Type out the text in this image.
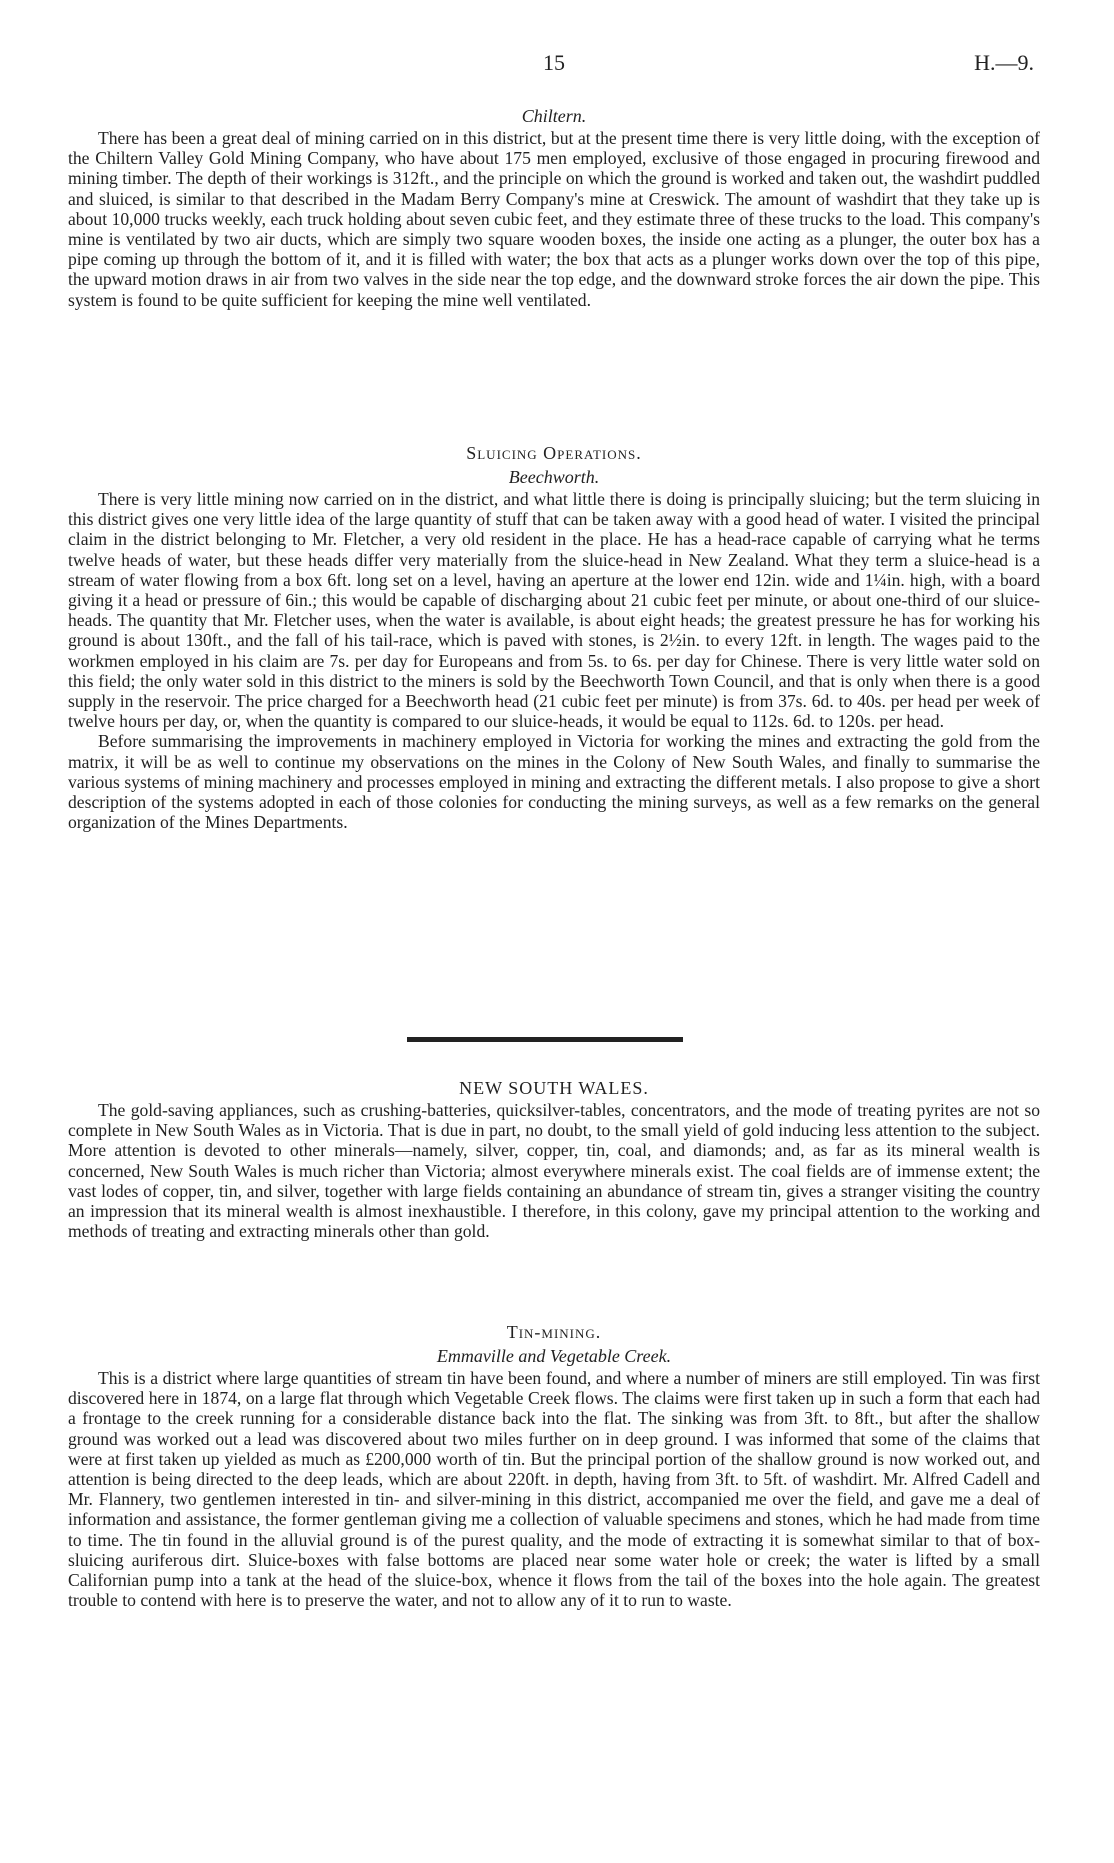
15	H.—9.
Chiltern.

There has been a great deal of mining carried on in this district, but at the present time there is very little doing, with the exception of the Chiltern Valley Gold Mining Company, who have about 175 men employed, exclusive of those engaged in procuring firewood and mining timber. The depth of their workings is 312ft., and the principle on which the ground is worked and taken out, the washdirt puddled and sluiced, is similar to that described in the Madam Berry Company's mine at Creswick. The amount of washdirt that they take up is about 10,000 trucks weekly, each truck holding about seven cubic feet, and they estimate three of these trucks to the load. This company's mine is ventilated by two air ducts, which are simply two square wooden boxes, the inside one acting as a plunger, the outer box has a pipe coming up through the bottom of it, and it is filled with water; the box that acts as a plunger works down over the top of this pipe, the upward motion draws in air from two valves in the side near the top edge, and the downward stroke forces the air down the pipe. This system is found to be quite sufficient for keeping the mine well ventilated.

Sluicing Operations.
Beechworth.

There is very little mining now carried on in the district, and what little there is doing is principally sluicing; but the term sluicing in this district gives one very little idea of the large quantity of stuff that can be taken away with a good head of water. I visited the principal claim in the district belonging to Mr. Fletcher, a very old resident in the place. He has a head-race capable of carrying what he terms twelve heads of water, but these heads differ very materially from the sluice-head in New Zealand. What they term a sluice-head is a stream of water flowing from a box 6ft. long set on a level, having an aperture at the lower end 12in. wide and 1¼in. high, with a board giving it a head or pressure of 6in.; this would be capable of discharging about 21 cubic feet per minute, or about one-third of our sluice-heads. The quantity that Mr. Fletcher uses, when the water is available, is about eight heads; the greatest pressure he has for working his ground is about 130ft., and the fall of his tail-race, which is paved with stones, is 2½in. to every 12ft. in length. The wages paid to the workmen employed in his claim are 7s. per day for Europeans and from 5s. to 6s. per day for Chinese. There is very little water sold on this field; the only water sold in this district to the miners is sold by the Beechworth Town Council, and that is only when there is a good supply in the reservoir. The price charged for a Beechworth head (21 cubic feet per minute) is from 37s. 6d. to 40s. per head per week of twelve hours per day, or, when the quantity is compared to our sluice-heads, it would be equal to 112s. 6d. to 120s. per head.

Before summarising the improvements in machinery employed in Victoria for working the mines and extracting the gold from the matrix, it will be as well to continue my observations on the mines in the Colony of New South Wales, and finally to summarise the various systems of mining machinery and processes employed in mining and extracting the different metals. I also propose to give a short description of the systems adopted in each of those colonies for conducting the mining surveys, as well as a few remarks on the general organization of the Mines Departments.

NEW SOUTH WALES.

The gold-saving appliances, such as crushing-batteries, quicksilver-tables, concentrators, and the mode of treating pyrites are not so complete in New South Wales as in Victoria. That is due in part, no doubt, to the small yield of gold inducing less attention to the subject. More attention is devoted to other minerals—namely, silver, copper, tin, coal, and diamonds; and, as far as its mineral wealth is concerned, New South Wales is much richer than Victoria; almost everywhere minerals exist. The coal fields are of immense extent; the vast lodes of copper, tin, and silver, together with large fields containing an abundance of stream tin, gives a stranger visiting the country an impression that its mineral wealth is almost inexhaustible. I therefore, in this colony, gave my principal attention to the working and methods of treating and extracting minerals other than gold.

Tin-mining.
Emmaville and Vegetable Creek.

This is a district where large quantities of stream tin have been found, and where a number of miners are still employed. Tin was first discovered here in 1874, on a large flat through which Vegetable Creek flows. The claims were first taken up in such a form that each had a frontage to the creek running for a considerable distance back into the flat. The sinking was from 3ft. to 8ft., but after the shallow ground was worked out a lead was discovered about two miles further on in deep ground. I was informed that some of the claims that were at first taken up yielded as much as £200,000 worth of tin. But the principal portion of the shallow ground is now worked out, and attention is being directed to the deep leads, which are about 220ft. in depth, having from 3ft. to 5ft. of washdirt. Mr. Alfred Cadell and Mr. Flannery, two gentlemen interested in tin- and silver-mining in this district, accompanied me over the field, and gave me a deal of information and assistance, the former gentleman giving me a collection of valuable specimens and stones, which he had made from time to time. The tin found in the alluvial ground is of the purest quality, and the mode of extracting it is somewhat similar to that of box-sluicing auriferous dirt. Sluice-boxes with false bottoms are placed near some water hole or creek; the water is lifted by a small Californian pump into a tank at the head of the sluice-box, whence it flows from the tail of the boxes into the hole again. The greatest trouble to contend with here is to preserve the water, and not to allow any of it to run to waste.
